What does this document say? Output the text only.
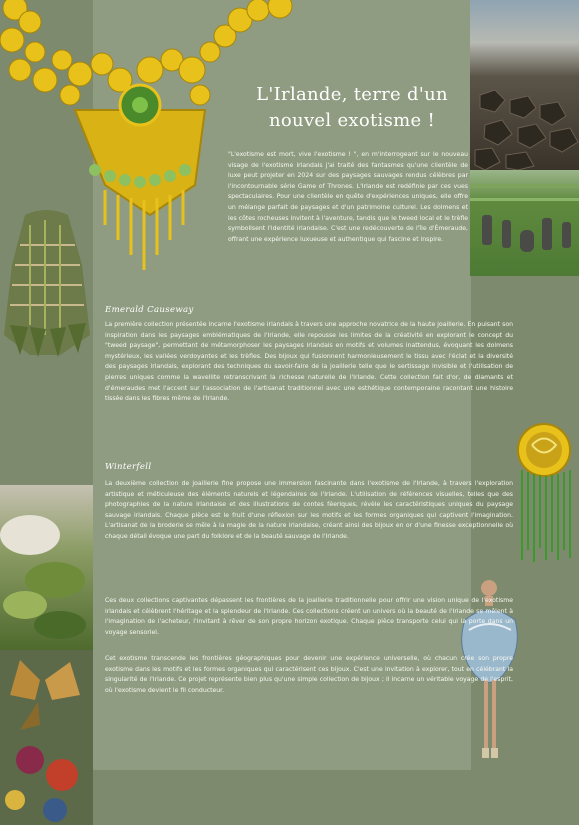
L'Irlande, terre d'un nouvel exotisme !

"L'exotisme est mort, vive l'exotisme ! ", en m'interrogeant sur le nouveau visage de l'exotisme irlandais j'ai traité des fantasmes qu'une clientèle de luxe peut projeter en 2024 sur des paysages sauvages rendus célèbres par l'incontournable série Game of Thrones. L'Irlande est redéfinie par ces vues spectaculaires. Pour une clientèle en quête d'expériences uniques, elle offre un mélange parfait de paysages et d'un patrimoine culturel. Les dolmens et les côtes rocheuses invitent à l'aventure, tandis que le tweed local et le trèfle symbolisent l'identité irlandaise. C'est une redécouverte de l'île d'Émeraude, offrant une expérience luxueuse et authentique qui fascine et inspire.

Emerald Causeway

La première collection présentée incarne l'exotisme irlandais à travers une approche novatrice de la haute joaillerie. En puisant son inspiration dans les paysages emblématiques de l'Irlande, elle repousse les limites de la créativité en explorant le concept du "tweed paysage", permettant de métamorphoser les paysages irlandais en motifs et volumes inattendus, évoquant les dolmens mystérieux, les vallées verdoyantes et les trèfles. Des bijoux qui fusionnent harmonieusement le tissu avec l'éclat et la diversité des paysages irlandais, explorant des techniques du savoir-faire de la joaillerie telle que le sertissage invisible et l'utilisation de pierres uniques comme la wavellite retranscrivant la richesse naturelle de l'Irlande. Cette collection fait d'or, de diamants et d'émeraudes met l'accent sur l'association de l'artisanat traditionnel avec une esthétique contemporaine racontant une histoire tissée dans les fibres même de l'Irlande.

Winterfell

La deuxième collection de joaillerie fine propose une immersion fascinante dans l'exotisme de l'Irlande, à travers l'exploration artistique et méticuleuse des éléments naturels et légendaires de l'Irlande. L'utilisation de références visuelles, telles que des photographies de la nature irlandaise et des illustrations de contes féeriques, révèle les caractéristiques uniques du paysage sauvage irlandais. Chaque pièce est le fruit d'une réflexion sur les motifs et les formes organiques qui captivent l'imagination. L'artisanat de la broderie se mêle à la magie de la nature irlandaise, créant ainsi des bijoux en or d'une finesse exceptionnelle où chaque détail évoque une part du folklore et de la beauté sauvage de l'Irlande.

Ces deux collections captivantes dépassent les frontières de la joaillerie traditionnelle pour offrir une vision unique de l'exotisme irlandais et célèbrent l'héritage et la splendeur de l'Irlande. Ces collections créent un univers où la beauté de l'Irlande se mêlent à l'imagination de l'acheteur, l'invitant à rêver de son propre horizon exotique. Chaque pièce transporte celui qui la porte dans un voyage sensoriel.

Cet exotisme transcende les frontières géographiques pour devenir une expérience universelle, où chacun crée son propre exotisme dans les motifs et les formes organiques qui caractérisent ces bijoux. C'est une invitation à explorer, tout en célébrant la singularité de l'Irlande. Ce projet représente bien plus qu'une simple collection de bijoux ; il incarne un véritable voyage de l'esprit, où l'exotisme devient le fil conducteur.
